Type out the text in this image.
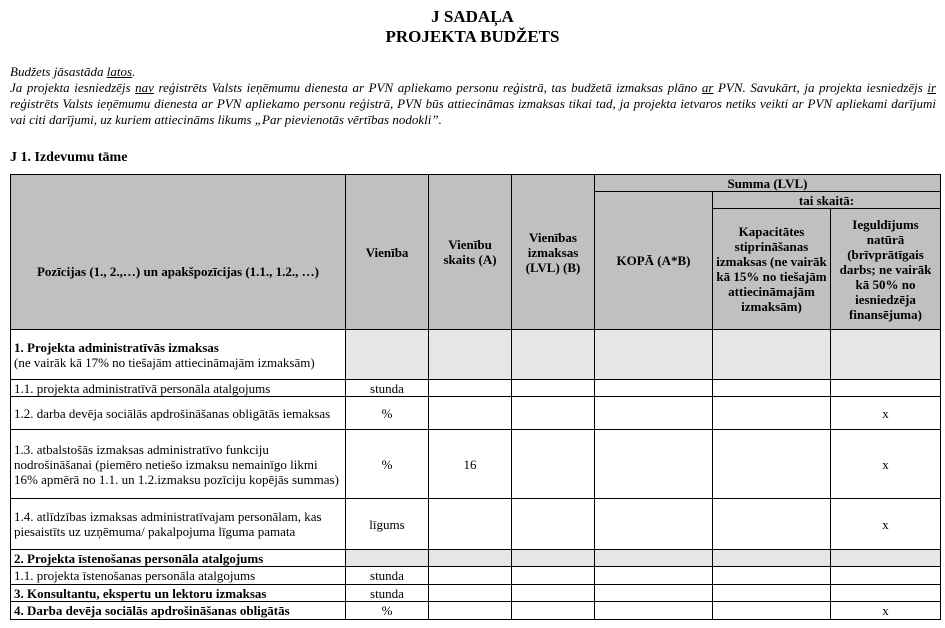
J SADAĻA
PROJEKTA BUDŽETS
Budžets jāsastāda latos.
Ja projekta iesniedzējs nav reģistrēts Valsts ieņēmumu dienesta ar PVN apliekamo personu reģistrā, tas budžetā izmaksas plāno ar PVN. Savukārt, ja projekta iesniedzējs ir reģistrēts Valsts ieņēmumu dienesta ar PVN apliekamo personu reģistrā, PVN būs attiecināmas izmaksas tikai tad, ja projekta ietvaros netiks veikti ar PVN apliekami darījumi vai citi darījumi, uz kuriem attiecināms likums „Par pievienotās vērtības nodokli”.
J 1. Izdevumu tāme
Pozīcijas (1., 2.,…) un apakšpozīcijas (1.1., 1.2., …)	Vienība	Vienību skaits (A)	Vienības izmaksas (LVL) (B)	Summa (LVL)		
				KOPĀ (A*B)	tai skaitā:	
					Kapacitātes stiprināšanas izmaksas (ne vairāk kā 15% no tiešajām attiecināmajām izmaksām)	Ieguldījums natūrā (brīvprātīgais darbs; ne vairāk kā 50% no iesniedzēja finansējuma)
1. Projekta administratīvās izmaksas
(ne vairāk kā 17% no tiešajām attiecināmajām izmaksām)						
1.1. projekta administratīvā personāla atalgojums	stunda					
1.2. darba devēja sociālās apdrošināšanas obligātās iemaksas	%					x
1.3. atbalstošās izmaksas administratīvo funkciju nodrošināšanai (piemēro netiešo izmaksu nemainīgo likmi 16% apmērā no 1.1. un 1.2.izmaksu pozīciju kopējās summas)	%	16				x
1.4. atlīdzības izmaksas administratīvajam personālam, kas piesaistīts uz uzņēmuma/ pakalpojuma līguma pamata	līgums					x
2. Projekta īstenošanas personāla atalgojums						
1.1. projekta īstenošanas personāla atalgojums	stunda					
3. Konsultantu, ekspertu un lektoru izmaksas	stunda					
4. Darba devēja sociālās apdrošināšanas obligātās	%					x
